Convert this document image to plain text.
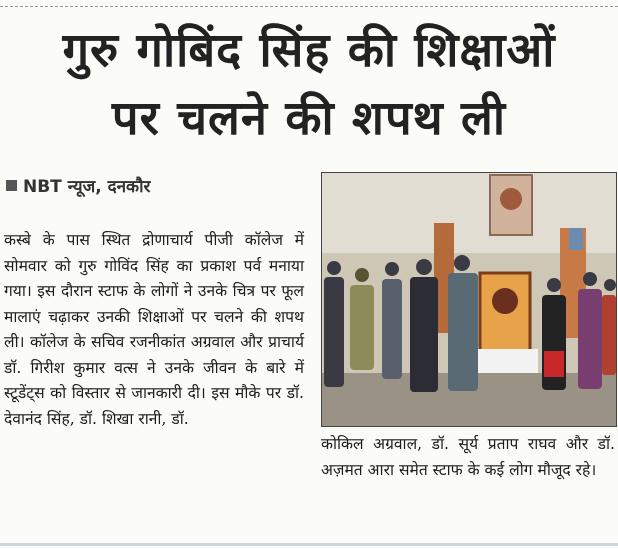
गुरु गोबिंद सिंह की शिक्षाओं
पर चलने की शपथ ली
NBT न्यूज, दनकौर
कस्बे के पास स्थित द्रोणाचार्य पीजी कॉलेज में सोमवार को गुरु गोविंद सिंह का प्रकाश पर्व मनाया गया। इस दौरान स्टाफ के लोगों ने उनके चित्र पर फूल मालाएं चढ़ाकर उनकी शिक्षाओं पर चलने की शपथ ली। कॉलेज के सचिव रजनीकांत अग्रवाल और प्राचार्य डॉ. गिरीश कुमार वत्स ने उनके जीवन के बारे में स्टूडेंट्स को विस्तार से जानकारी दी। इस मौके पर डॉ. देवानंद सिंह, डॉ. शिखा रानी, डॉ.
कोकिल अग्रवाल, डॉ. सूर्य प्रताप राघव और डॉ. अज़मत आरा समेत स्टाफ के कई लोग मौजूद रहे।
